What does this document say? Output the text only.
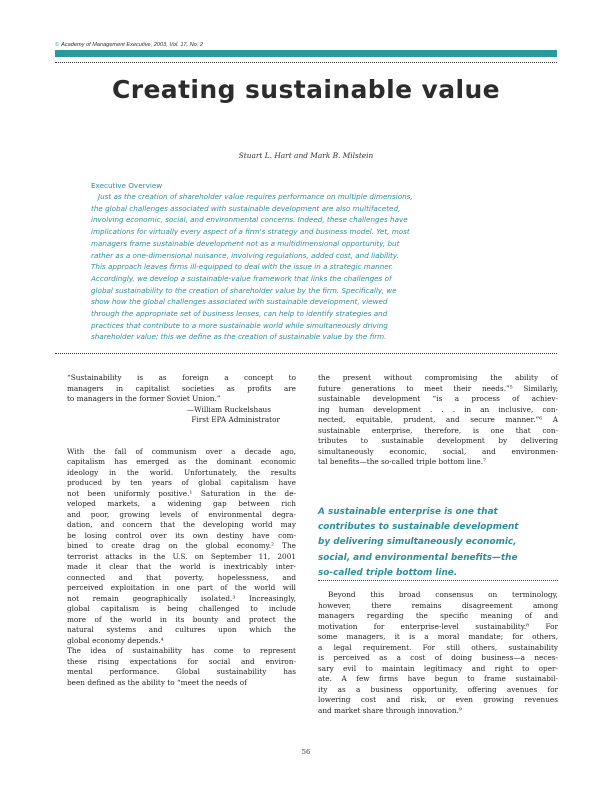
© Academy of Management Executive, 2003, Vol. 17, No. 2
Creating sustainable value
Stuart L. Hart and Mark B. Milstein
Executive Overview
Just as the creation of shareholder value requires performance on multiple dimensions,
the global challenges associated with sustainable development are also multifaceted,
involving economic, social, and environmental concerns. Indeed, these challenges have
implications for virtually every aspect of a firm's strategy and business model. Yet, most
managers frame sustainable development not as a multidimensional opportunity, but
rather as a one-dimensional nuisance, involving regulations, added cost, and liability.
This approach leaves firms ill-equipped to deal with the issue in a strategic manner.
Accordingly, we develop a sustainable-value framework that links the challenges of
global sustainability to the creation of shareholder value by the firm. Specifically, we
show how the global challenges associated with sustainable development, viewed
through the appropriate set of business lenses, can help to identify strategies and
practices that contribute to a more sustainable world while simultaneously driving
shareholder value; this we define as the creation of sustainable value by the firm.
“Sustainability is as foreign a concept to
managers in capitalist societies as profits are
to managers in the former Soviet Union.”
—William Ruckelshaus
First EPA Administrator
With the fall of communism over a decade ago,
capitalism has emerged as the dominant economic
ideology in the world. Unfortunately, the results
produced by ten years of global capitalism have
not been uniformly positive.¹ Saturation in the de-
veloped markets, a widening gap between rich
and poor, growing levels of environmental degra-
dation, and concern that the developing world may
be losing control over its own destiny have com-
bined to create drag on the global economy.² The
terrorist attacks in the U.S. on September 11, 2001
made it clear that the world is inextricably inter-
connected and that poverty, hopelessness, and
perceived exploitation in one part of the world will
not remain geographically isolated.³ Increasingly,
global capitalism is being challenged to include
more of the world in its bounty and protect the
natural systems and cultures upon which the
global economy depends.⁴
The idea of sustainability has come to represent
these rising expectations for social and environ-
mental performance. Global sustainability has
been defined as the ability to “meet the needs of
the present without compromising the ability of
future generations to meet their needs.”⁵ Similarly,
sustainable development “is a process of achiev-
ing human development . . . in an inclusive, con-
nected, equitable, prudent, and secure manner.”⁶ A
sustainable enterprise, therefore, is one that con-
tributes to sustainable development by delivering
simultaneously economic, social, and environmen-
tal benefits—the so-called triple bottom line.⁷
A sustainable enterprise is one that
contributes to sustainable development
by delivering simultaneously economic,
social, and environmental benefits—the
so-called triple bottom line.
Beyond this broad consensus on terminology,
however, there remains disagreement among
managers regarding the specific meaning of and
motivation for enterprise-level sustainability.⁸ For
some managers, it is a moral mandate; for others,
a legal requirement. For still others, sustainability
is perceived as a cost of doing business—a neces-
sary evil to maintain legitimacy and right to oper-
ate. A few firms have begun to frame sustainabil-
ity as a business opportunity, offering avenues for
lowering cost and risk, or even growing revenues
and market share through innovation.⁹
56
